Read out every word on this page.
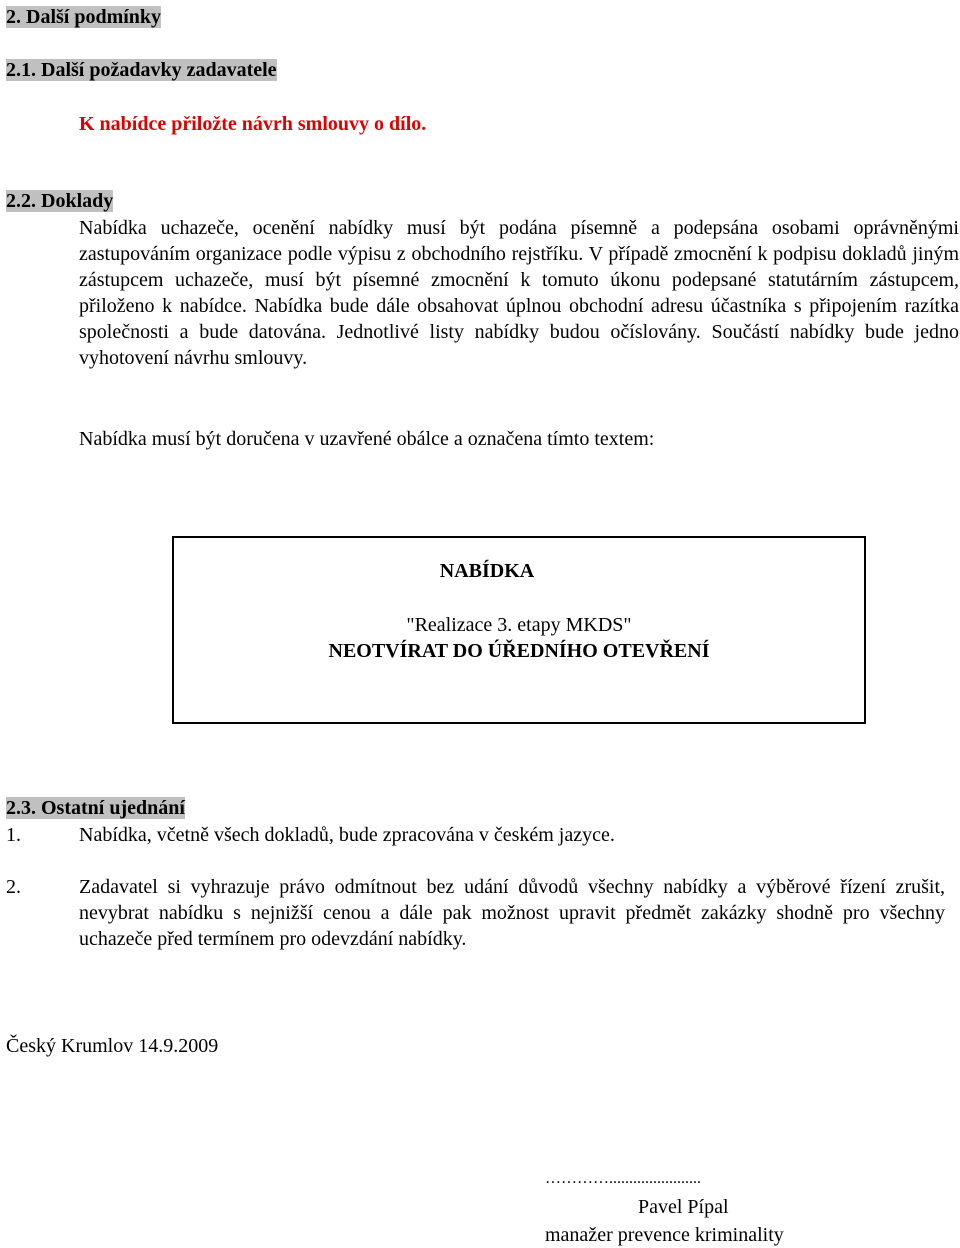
2. Další podmínky
2.1. Další požadavky zadavatele
K nabídce přiložte návrh smlouvy o dílo.
2.2. Doklady
Nabídka uchazeče, ocenění nabídky musí být podána písemně a podepsána osobami oprávněnými zastupováním organizace podle výpisu z obchodního rejstříku. V případě zmocnění k podpisu dokladů jiným zástupcem uchazeče, musí být písemné zmocnění k tomuto úkonu podepsané statutárním zástupcem, přiloženo k nabídce. Nabídka bude dále obsahovat úplnou obchodní adresu účastníka s připojením razítka společnosti a bude datována. Jednotlivé listy nabídky budou očíslovány. Součástí nabídky bude jedno vyhotovení návrhu smlouvy.
Nabídka musí být doručena v uzavřené obálce a označena tímto textem:
NABÍDKA
"Realizace 3. etapy MKDS"
NEOTVÍRAT DO ÚŘEDNÍHO OTEVŘENÍ
2.3. Ostatní ujednání
1.	Nabídka, včetně všech dokladů, bude zpracována v českém jazyce.
2.	Zadavatel si vyhrazuje právo odmítnout bez udání důvodů všechny nabídky a výběrové řízení zrušit, nevybrat nabídku s nejnižší cenou a dále pak možnost upravit předmět zakázky shodně pro všechny uchazeče před termínem pro odevzdání nabídky.
Český Krumlov 14.9.2009
………….......................
Pavel Pípal
manažer prevence kriminality
